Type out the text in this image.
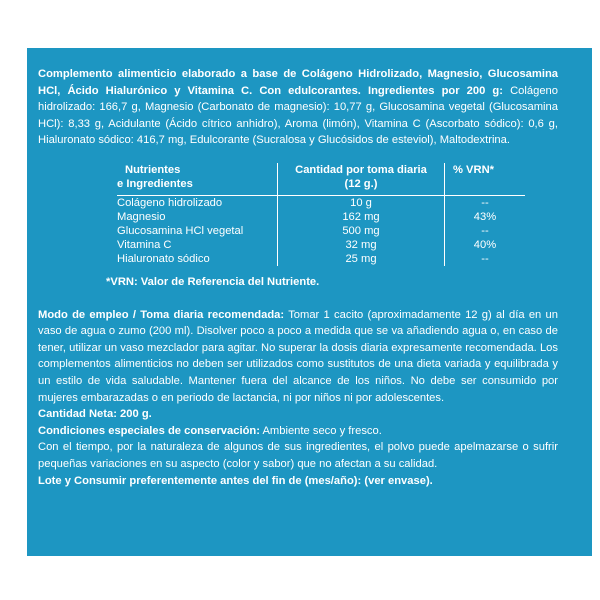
Complemento alimenticio elaborado a base de Colágeno Hidrolizado, Magnesio, Glucosamina HCl, Ácido Hialurónico y Vitamina C. Con edulcorantes. Ingredientes por 200 g: Colágeno hidrolizado: 166,7 g, Magnesio (Carbonato de magnesio): 10,77 g, Glucosamina vegetal (Glucosamina HCl): 8,33 g, Acidulante (Ácido cítrico anhidro), Aroma (limón), Vitamina C (Ascorbato sódico): 0,6 g, Hialuronato sódico: 416,7 mg, Edulcorante (Sucralosa y Glucósidos de esteviol), Maltodextrina.

Nutrientes	Cantidad por toma diaria	% VRN*
e Ingredientes	(12 g.)	
Colágeno hidrolizado	10 g	--
Magnesio	162 mg	43%
Glucosamina HCl vegetal	500 mg	--
Vitamina C	32 mg	40%
Hialuronato sódico	25 mg	--

*VRN: Valor de Referencia del Nutriente.

Modo de empleo / Toma diaria recomendada: Tomar 1 cacito (aproximadamente 12 g) al día en un vaso de agua o zumo (200 ml). Disolver poco a poco a medida que se va añadiendo agua o, en caso de tener, utilizar un vaso mezclador para agitar. No superar la dosis diaria expresamente recomendada. Los complementos alimenticios no deben ser utilizados como sustitutos de una dieta variada y equilibrada y un estilo de vida saludable. Mantener fuera del alcance de los niños. No debe ser consumido por mujeres embarazadas o en periodo de lactancia, ni por niños ni por adolescentes.

Cantidad Neta: 200 g.

Condiciones especiales de conservación: Ambiente seco y fresco.

Con el tiempo, por la naturaleza de algunos de sus ingredientes, el polvo puede apelmazarse o sufrir pequeñas variaciones en su aspecto (color y sabor) que no afectan a su calidad.

Lote y Consumir preferentemente antes del fin de (mes/año): (ver envase).
